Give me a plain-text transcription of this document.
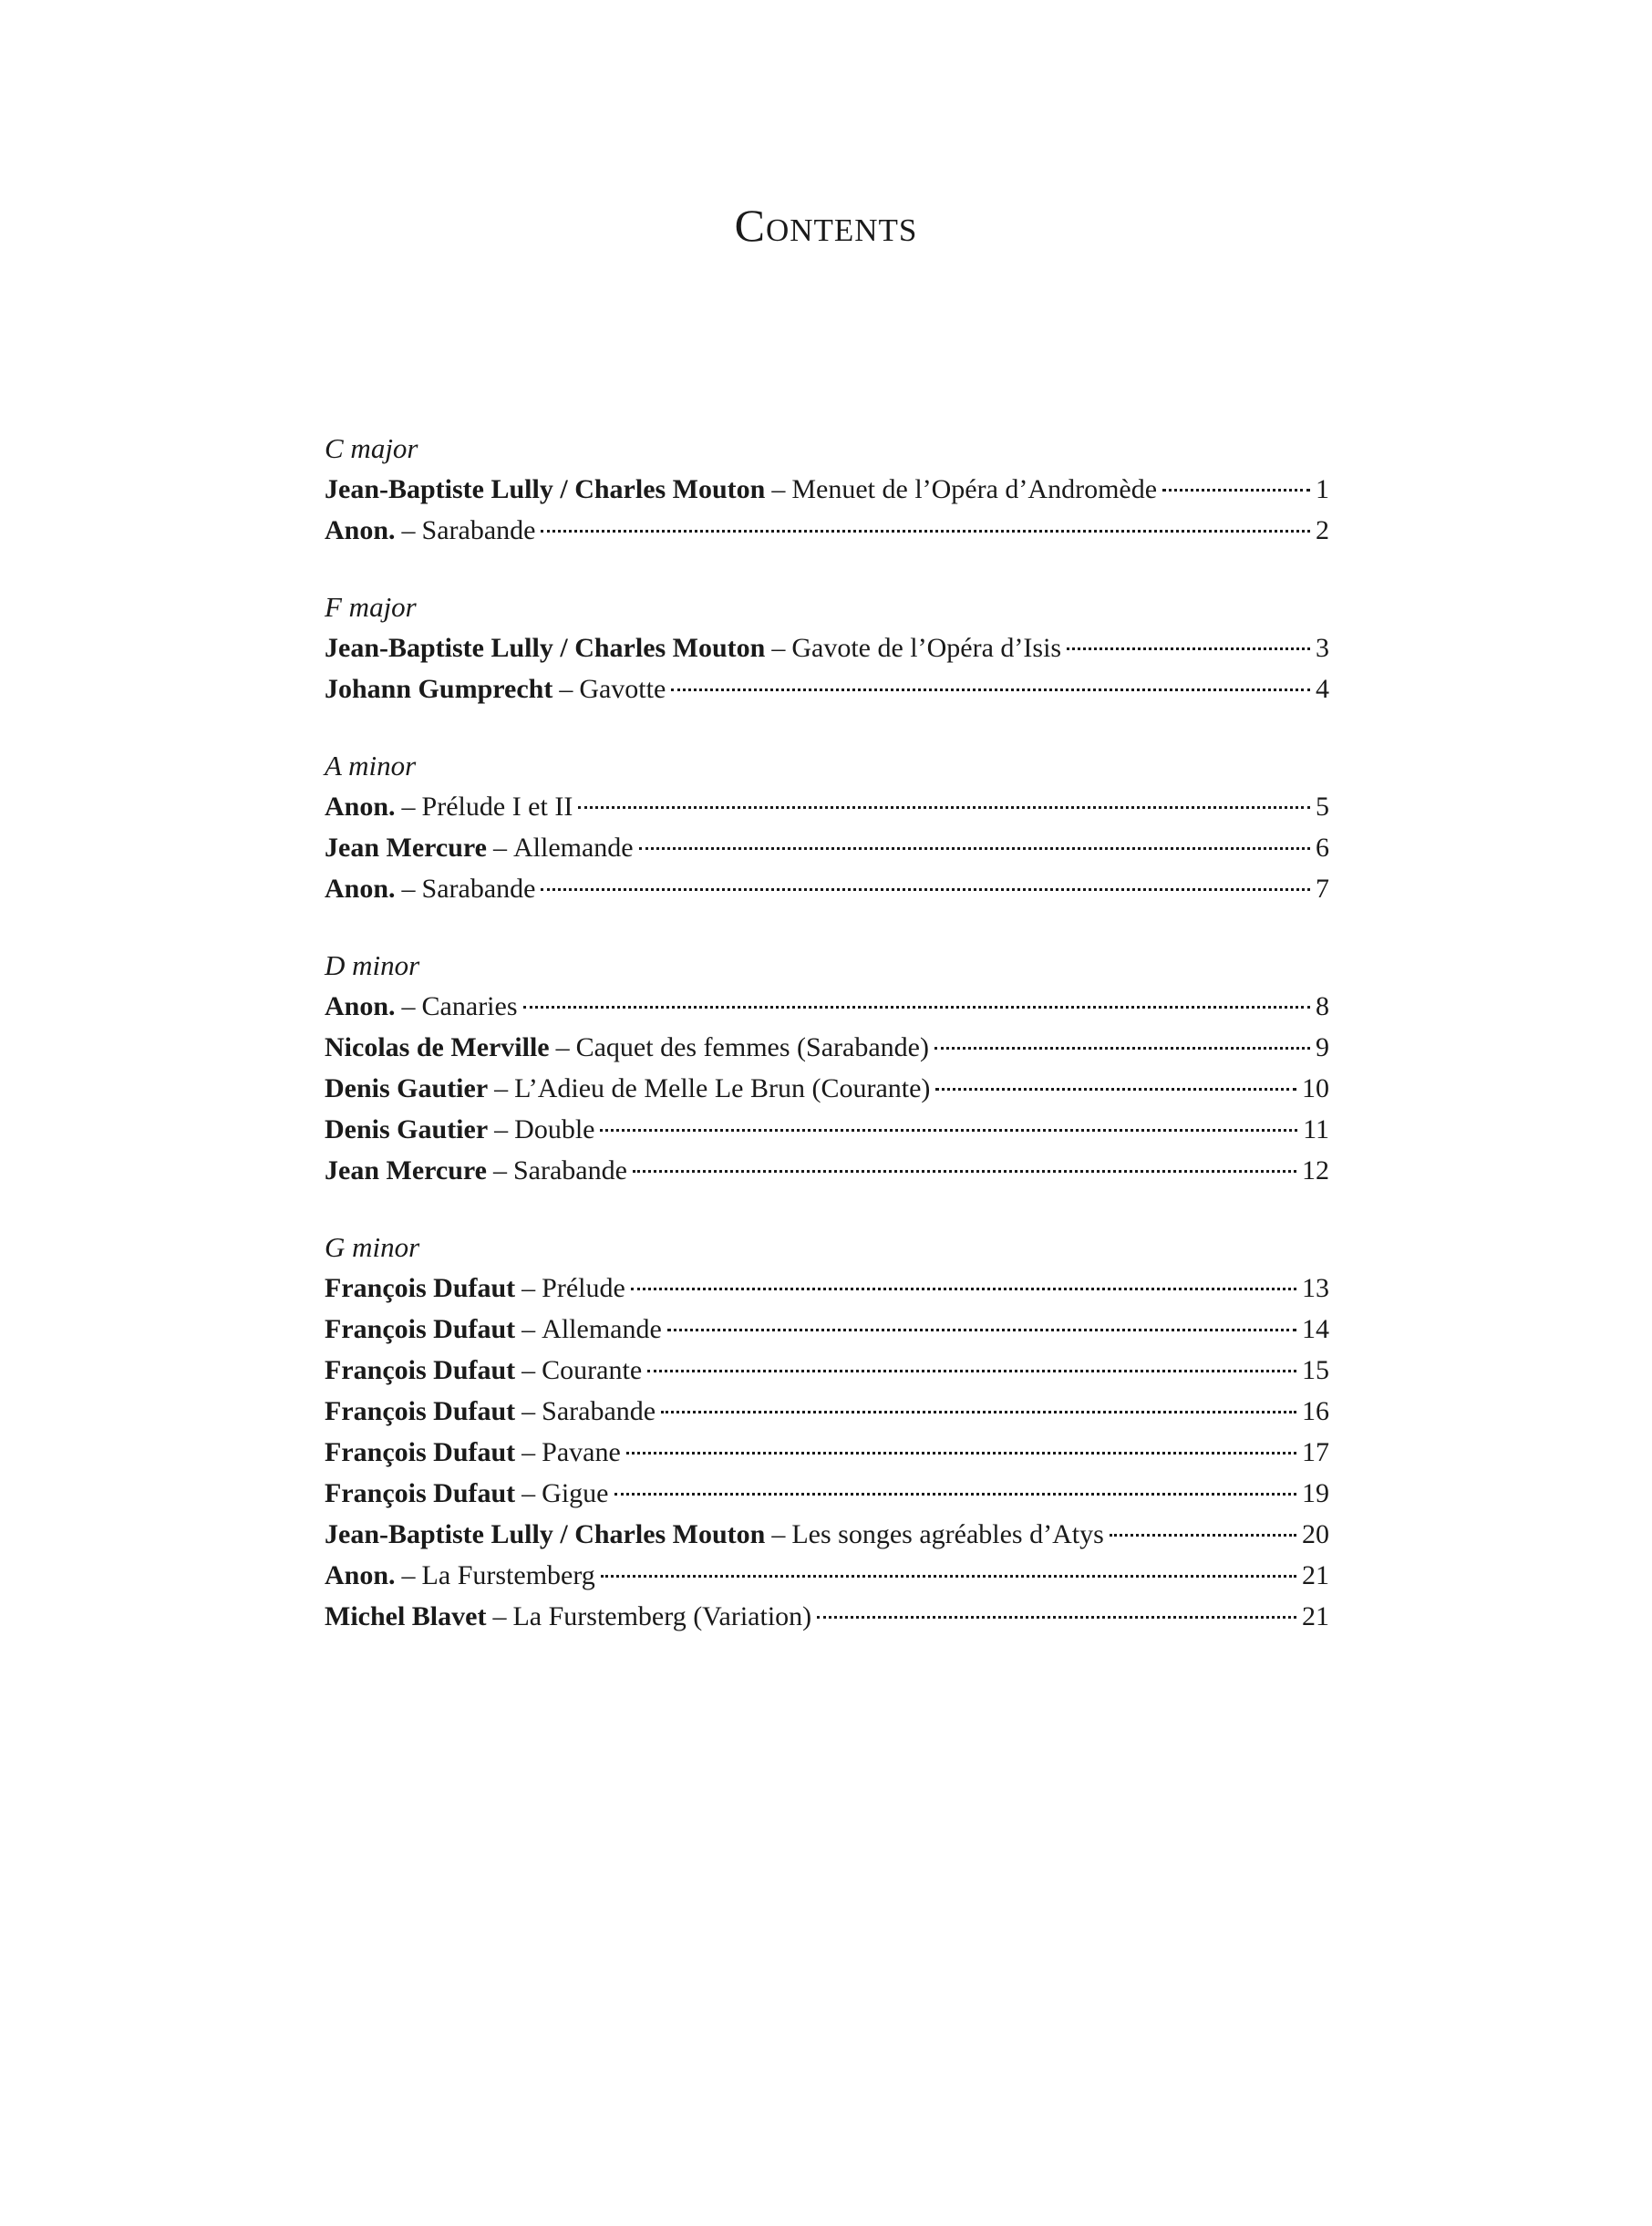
Contents
C major
Jean-Baptiste Lully / Charles Mouton – Menuet de l’Opéra d’Andromède	1
Anon. – Sarabande	2
F major
Jean-Baptiste Lully / Charles Mouton – Gavote de l’Opéra d’Isis	3
Johann Gumprecht – Gavotte	4
A minor
Anon. – Prélude I et II	5
Jean Mercure – Allemande	6
Anon. – Sarabande	7
D minor
Anon. – Canaries	8
Nicolas de Merville – Caquet des femmes (Sarabande)	9
Denis Gautier – L’Adieu de Melle Le Brun (Courante)	10
Denis Gautier – Double	11
Jean Mercure – Sarabande	12
G minor
François Dufaut – Prélude	13
François Dufaut – Allemande	14
François Dufaut – Courante	15
François Dufaut – Sarabande	16
François Dufaut – Pavane	17
François Dufaut – Gigue	19
Jean-Baptiste Lully / Charles Mouton – Les songes agréables d’Atys	20
Anon. – La Furstemberg	21
Michel Blavet – La Furstemberg (Variation)	21
